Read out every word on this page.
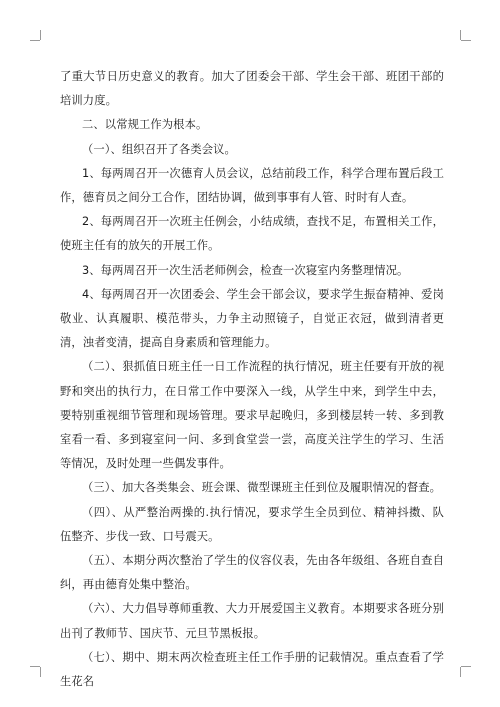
了重大节日历史意义的教育。加大了团委会干部、学生会干部、班团干部的培训力度。

二、以常规工作为根本。

（一）、组织召开了各类会议。

1、每两周召开一次德育人员会议，总结前段工作，科学合理布置后段工作，德育员之间分工合作，团结协调，做到事事有人管、时时有人查。

2、每两周召开一次班主任例会，小结成绩，查找不足，布置相关工作，使班主任有的放矢的开展工作。

3、每两周召开一次生活老师例会，检查一次寝室内务整理情况。

4、每两周召开一次团委会、学生会干部会议，要求学生振奋精神、爱岗敬业、认真履职、模范带头，力争主动照镜子，自觉正衣冠，做到清者更清，浊者变清，提高自身素质和管理能力。

（二）、狠抓值日班主任一日工作流程的执行情况，班主任要有开放的视野和突出的执行力，在日常工作中要深入一线，从学生中来，到学生中去，要特别重视细节管理和现场管理。要求早起晚归，多到楼层转一转、多到教室看一看、多到寝室问一问、多到食堂尝一尝，高度关注学生的学习、生活等情况，及时处理一些偶发事件。

（三）、加大各类集会、班会课、微型课班主任到位及履职情况的督查。

（四）、从严整治两操的.执行情况，要求学生全员到位、精神抖擞、队伍整齐、步伐一致、口号震天。

（五）、本期分两次整治了学生的仪容仪表，先由各年级组、各班自查自纠，再由德育处集中整治。

（六）、大力倡导尊师重教、大力开展爱国主义教育。本期要求各班分别出刊了教师节、国庆节、元旦节黑板报。

（七）、期中、期末两次检查班主任工作手册的记载情况。重点查看了学生花名
